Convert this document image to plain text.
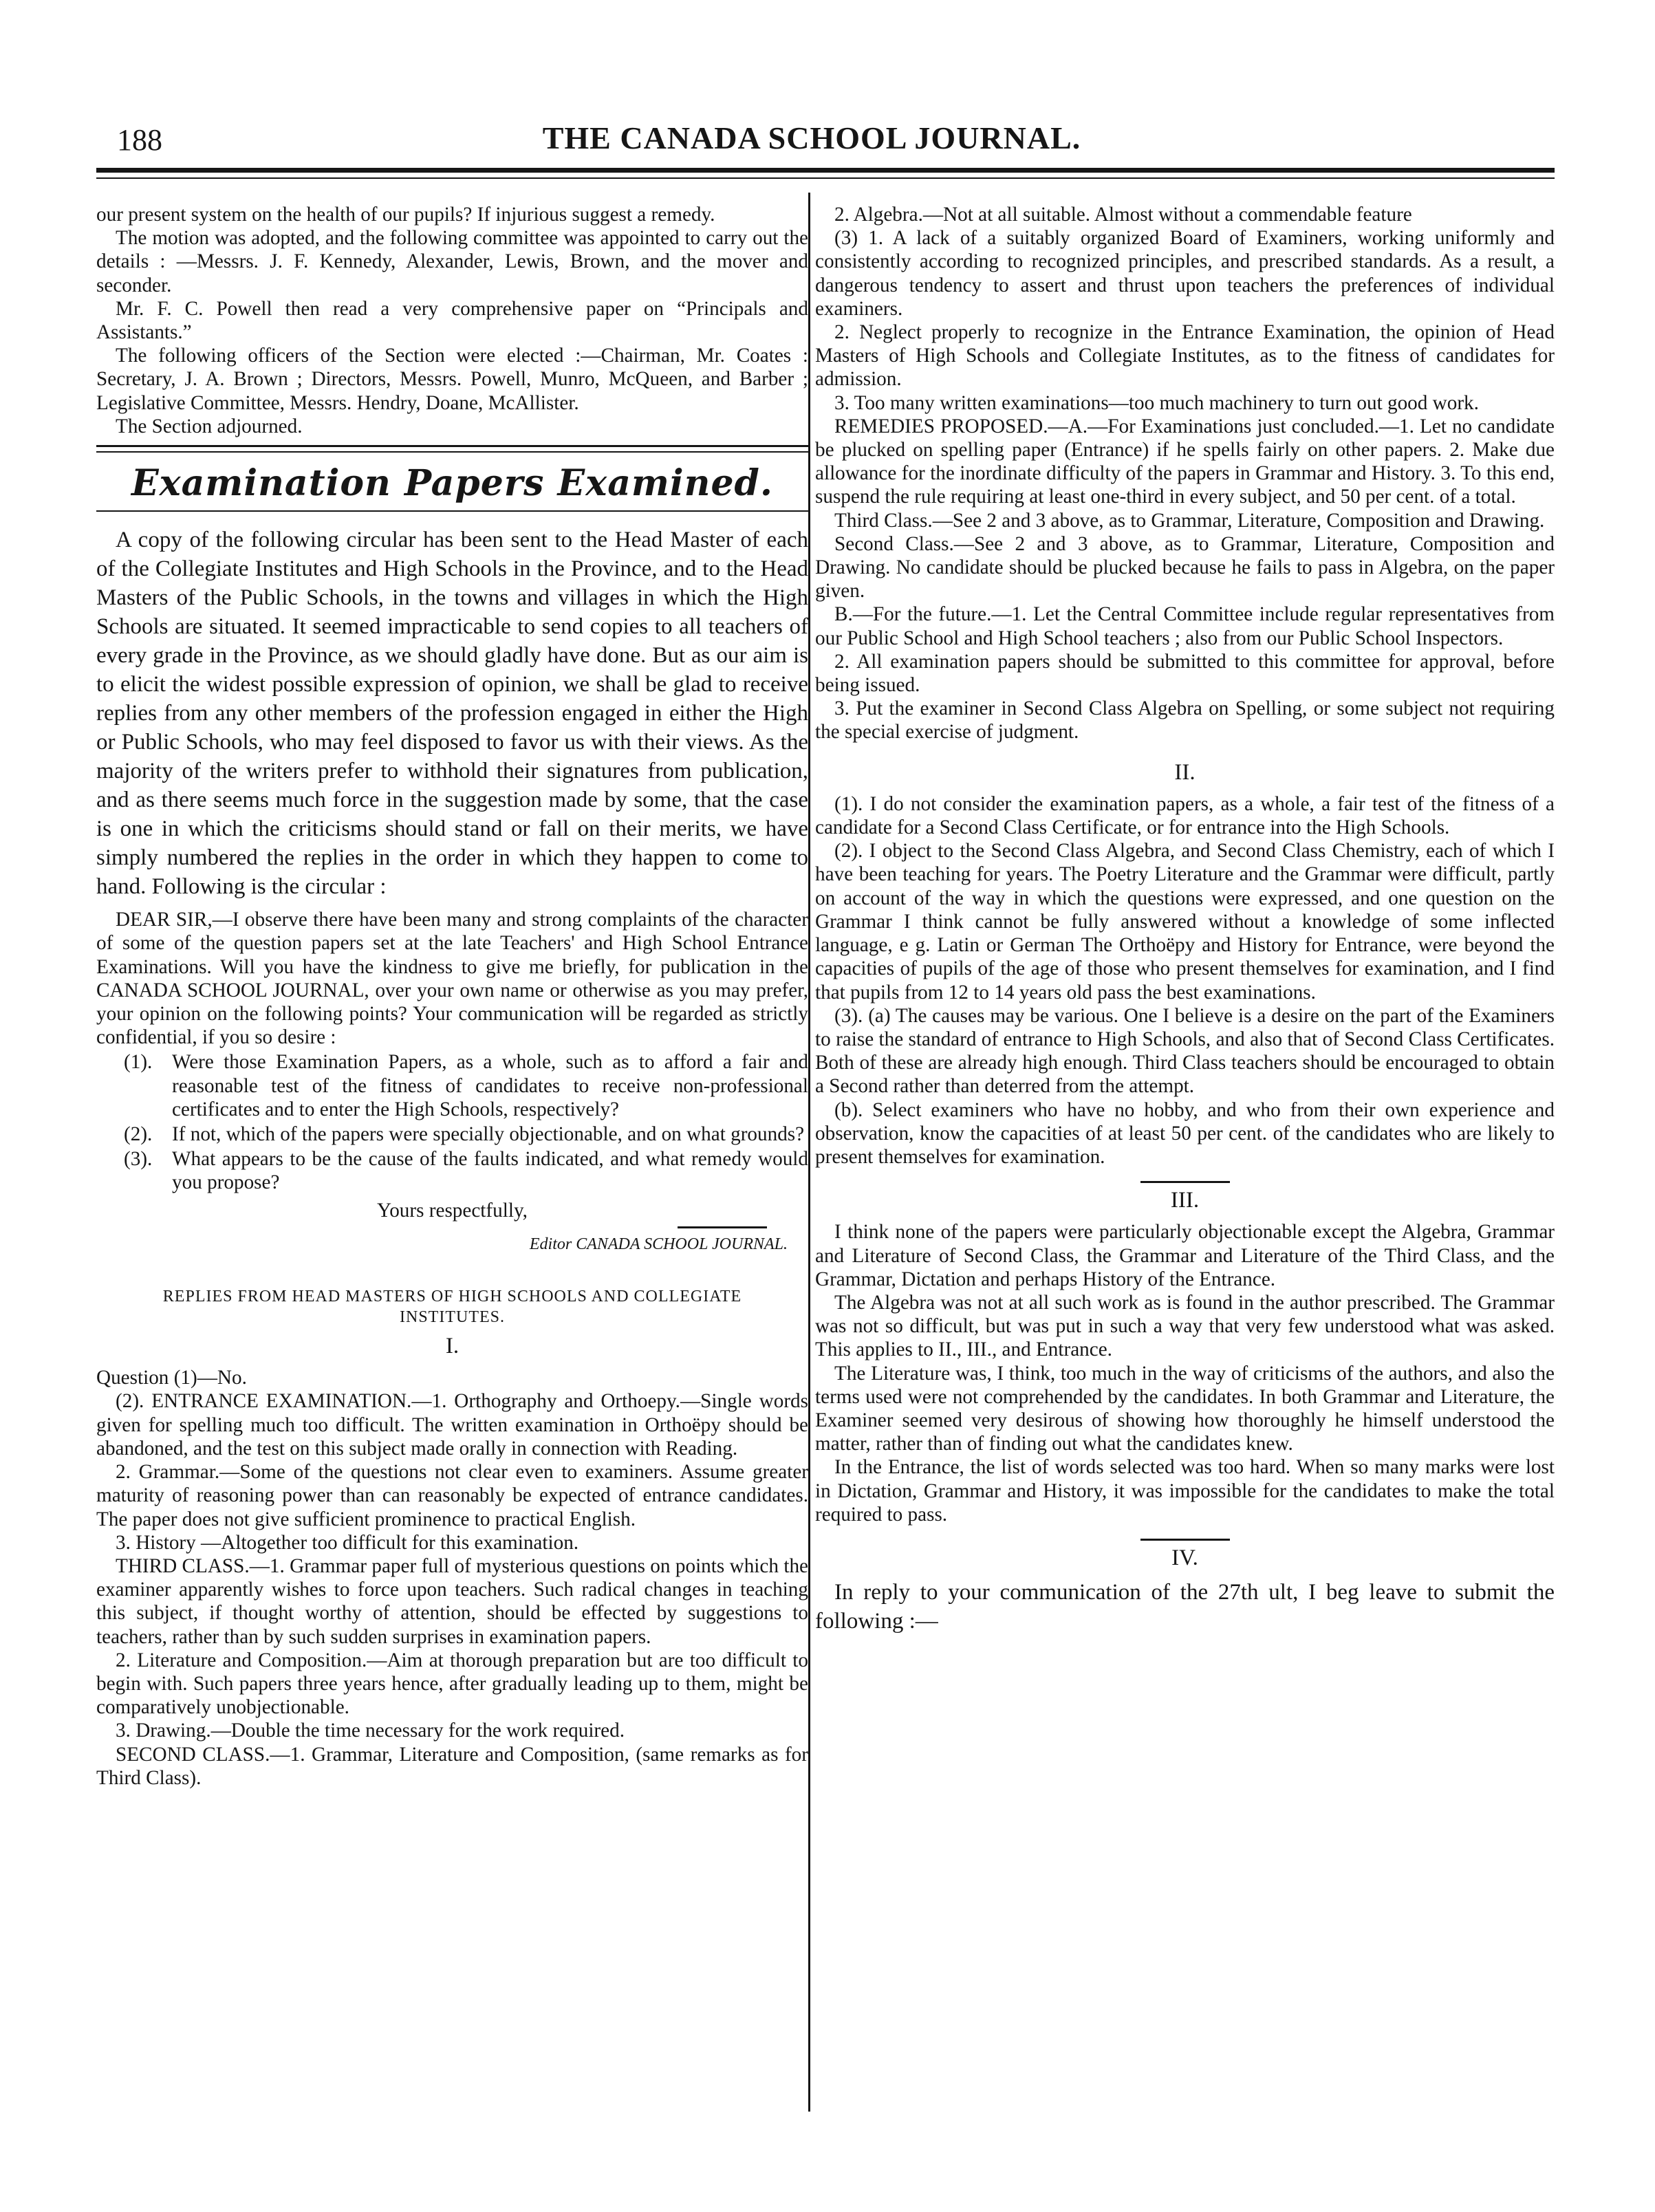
188	THE CANADA SCHOOL JOURNAL.

our present system on the health of our pupils? If injurious suggest a remedy.

The motion was adopted, and the following committee was appointed to carry out the details : —Messrs. J. F. Kennedy, Alexander, Lewis, Brown, and the mover and seconder.

Mr. F. C. Powell then read a very comprehensive paper on “Principals and Assistants.”

The following officers of the Section were elected :—Chairman, Mr. Coates : Secretary, J. A. Brown ; Directors, Messrs. Powell, Munro, McQueen, and Barber ; Legislative Committee, Messrs. Hendry, Doane, McAllister.

The Section adjourned.

Examination Papers Examined.

A copy of the following circular has been sent to the Head Master of each of the Collegiate Institutes and High Schools in the Province, and to the Head Masters of the Public Schools, in the towns and villages in which the High Schools are situated. It seemed impracticable to send copies to all teachers of every grade in the Province, as we should gladly have done. But as our aim is to elicit the widest possible expression of opinion, we shall be glad to receive replies from any other members of the profession engaged in either the High or Public Schools, who may feel disposed to favor us with their views. As the majority of the writers prefer to withhold their signatures from publication, and as there seems much force in the suggestion made by some, that the case is one in which the criticisms should stand or fall on their merits, we have simply numbered the replies in the order in which they happen to come to hand. Following is the circular :

DEAR SIR,—I observe there have been many and strong complaints of the character of some of the question papers set at the late Teachers' and High School Entrance Examinations. Will you have the kindness to give me briefly, for publication in the CANADA SCHOOL JOURNAL, over your own name or otherwise as you may prefer, your opinion on the following points? Your communication will be regarded as strictly confidential, if you so desire :

(1). Were those Examination Papers, as a whole, such as to afford a fair and reasonable test of the fitness of candidates to receive non-professional certificates and to enter the High Schools, respectively?
(2). If not, which of the papers were specially objectionable, and on what grounds?
(3). What appears to be the cause of the faults indicated, and what remedy would you propose?
Yours respectfully,
Editor CANADA SCHOOL JOURNAL.
REPLIES FROM HEAD MASTERS OF HIGH SCHOOLS AND COLLEGIATE INSTITUTES.
I.

Question (1)—No.

(2). ENTRANCE EXAMINATION.—1. Orthography and Orthoepy.—Single words given for spelling much too difficult. The written examination in Orthoëpy should be abandoned, and the test on this subject made orally in connection with Reading.

2. Grammar.—Some of the questions not clear even to examiners. Assume greater maturity of reasoning power than can reasonably be expected of entrance candidates. The paper does not give sufficient prominence to practical English.

3. History —Altogether too difficult for this examination.

THIRD CLASS.—1. Grammar paper full of mysterious questions on points which the examiner apparently wishes to force upon teachers. Such radical changes in teaching this subject, if thought worthy of attention, should be effected by suggestions to teachers, rather than by such sudden surprises in examination papers.

2. Literature and Composition.—Aim at thorough preparation but are too difficult to begin with. Such papers three years hence, after gradually leading up to them, might be comparatively unobjectionable.

3. Drawing.—Double the time necessary for the work required.

SECOND CLASS.—1. Grammar, Literature and Composition, (same remarks as for Third Class).

2. Algebra.—Not at all suitable. Almost without a commendable feature

(3) 1. A lack of a suitably organized Board of Examiners, working uniformly and consistently according to recognized principles, and prescribed standards. As a result, a dangerous tendency to assert and thrust upon teachers the preferences of individual examiners.

2. Neglect properly to recognize in the Entrance Examination, the opinion of Head Masters of High Schools and Collegiate Institutes, as to the fitness of candidates for admission.

3. Too many written examinations—too much machinery to turn out good work.

REMEDIES PROPOSED.—A.—For Examinations just concluded.—1. Let no candidate be plucked on spelling paper (Entrance) if he spells fairly on other papers. 2. Make due allowance for the inordinate difficulty of the papers in Grammar and History. 3. To this end, suspend the rule requiring at least one-third in every subject, and 50 per cent. of a total.

Third Class.—See 2 and 3 above, as to Grammar, Literature, Composition and Drawing.

Second Class.—See 2 and 3 above, as to Grammar, Literature, Composition and Drawing. No candidate should be plucked because he fails to pass in Algebra, on the paper given.

B.—For the future.—1. Let the Central Committee include regular representatives from our Public School and High School teachers ; also from our Public School Inspectors.

2. All examination papers should be submitted to this committee for approval, before being issued.

3. Put the examiner in Second Class Algebra on Spelling, or some subject not requiring the special exercise of judgment.

II.

(1). I do not consider the examination papers, as a whole, a fair test of the fitness of a candidate for a Second Class Certificate, or for entrance into the High Schools.

(2). I object to the Second Class Algebra, and Second Class Chemistry, each of which I have been teaching for years. The Poetry Literature and the Grammar were difficult, partly on account of the way in which the questions were expressed, and one question on the Grammar I think cannot be fully answered without a knowledge of some inflected language, e g. Latin or German The Orthoëpy and History for Entrance, were beyond the capacities of pupils of the age of those who present themselves for examination, and I find that pupils from 12 to 14 years old pass the best examinations.

(3). (a) The causes may be various. One I believe is a desire on the part of the Examiners to raise the standard of entrance to High Schools, and also that of Second Class Certificates. Both of these are already high enough. Third Class teachers should be encouraged to obtain a Second rather than deterred from the attempt.

(b). Select examiners who have no hobby, and who from their own experience and observation, know the capacities of at least 50 per cent. of the candidates who are likely to present themselves for examination.

III.

I think none of the papers were particularly objectionable except the Algebra, Grammar and Literature of Second Class, the Grammar and Literature of the Third Class, and the Grammar, Dictation and perhaps History of the Entrance.

The Algebra was not at all such work as is found in the author prescribed. The Grammar was not so difficult, but was put in such a way that very few understood what was asked. This applies to II., III., and Entrance.

The Literature was, I think, too much in the way of criticisms of the authors, and also the terms used were not comprehended by the candidates. In both Grammar and Literature, the Examiner seemed very desirous of showing how thoroughly he himself understood the matter, rather than of finding out what the candidates knew.

In the Entrance, the list of words selected was too hard. When so many marks were lost in Dictation, Grammar and History, it was impossible for the candidates to make the total required to pass.

IV.

In reply to your communication of the 27th ult, I beg leave to submit the following :—
